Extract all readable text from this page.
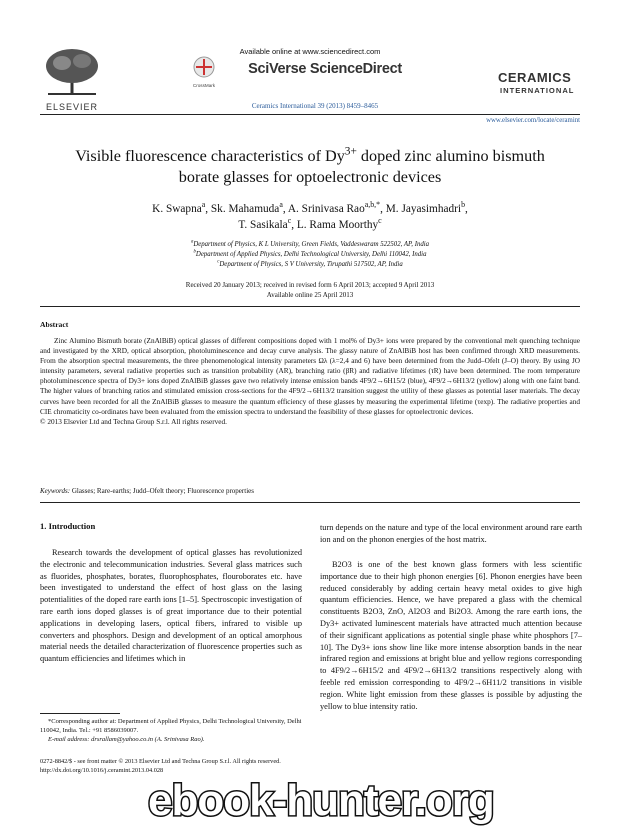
ELSEVIER
Available online at www.sciencedirect.com
CrossMark
SciVerse ScienceDirect
Ceramics International 39 (2013) 8459–8465
CERAMICS
INTERNATIONAL
www.elsevier.com/locate/ceramint
Visible fluorescence characteristics of $Dy^{3+}$ doped zinc alumino bismuth
borate glasses for optoelectronic devices
K. Swapna$^a$, Sk. Mahamuda$^a$, A. Srinivasa Rao$^{a,b,*}$, M. Jayasimhadri$^b$,
T. Sasikala$^c$, L. Rama Moorthy$^c$
$^a$Department of Physics, K L University, Green Fields, Vaddeswaram 522502, AP, India
$^b$Department of Applied Physics, Delhi Technological University, Delhi 110042, India
$^c$Department of Physics, S V University, Tirupathi 517502, AP, India
Received 20 January 2013; received in revised form 6 April 2013; accepted 9 April 2013
Available online 25 April 2013
Abstract
Zinc Alumino Bismuth borate (ZnAlBiB) optical glasses of different compositions doped with 1 mol% of Dy3+ ions were prepared by the conventional melt quenching technique and investigated by the XRD, optical absorption, photoluminescence and decay curve analysis. The glassy nature of ZnAlBiB host has been confirmed through XRD measurements. From the absorption spectral measurements, the three phenomenological intensity parameters Ωλ (λ=2,4 and 6) have been determined from the Judd–Ofelt (J–O) theory. By using JO intensity parameters, several radiative properties such as transition probability (AR), branching ratio (βR) and radiative lifetimes (τR) have been determined. The room temperature photoluminescence spectra of Dy3+ ions doped ZnAlBiB glasses gave two relatively intense emission bands 4F9/2→6H15/2 (blue), 4F9/2→6H13/2 (yellow) along with one faint band. The higher values of branching ratios and stimulated emission cross-sections for the 4F9/2→6H13/2 transition suggest the utility of these glasses as potential laser materials. The decay curves have been recorded for all the ZnAlBiB glasses to measure the quantum efficiency of these glasses by measuring the experimental lifetime (τexp). The radiative properties and CIE chromaticity co-ordinates have been evaluated from the emission spectra to understand the feasibility of these glasses for optoelectronic devices.
© 2013 Elsevier Ltd and Techna Group S.r.l. All rights reserved.
Keywords: Glasses; Rare-earths; Judd–Ofelt theory; Fluorescence properties
1. Introduction
Research towards the development of optical glasses has revolutionized the electronic and telecommunication industries. Several glass matrices such as fluorides, phosphates, borates, fluorophosphates, flouroborates etc. have been investigated to understand the effect of host glass on the lasing potentialities of the doped rare earth ions [1–5]. Spectroscopic investigation of rare earth ions doped glasses is of great importance due to their potential applications in developing lasers, optical fibers, infrared to visible up converters and phosphors. Design and development of an optical amorphous material needs the detailed characterization of fluorescence properties such as quantum efficiencies and lifetimes which in
*Corresponding author at: Department of Applied Physics, Delhi Technological University, Delhi 110042, India. Tel.: +91 8586039007.
E-mail address: drsrallam@yahoo.co.in (A. Srinivasa Rao).
turn depends on the nature and type of the local environment around rare earth ion and on the phonon energies of the host matrix.
B2O3 is one of the best known glass formers with less scientific importance due to their high phonon energies [6]. Phonon energies have been reduced considerably by adding certain heavy metal oxides to give high quantum efficiencies. Hence, we have prepared a glass with the chemical constituents B2O3, ZnO, Al2O3 and Bi2O3. Among the rare earth ions, the Dy3+ activated luminescent materials have attracted much attention because of their significant applications as potential single phase white phosphors [7–10]. The Dy3+ ions show line like more intense absorption bands in the near infrared region and emissions at bright blue and yellow regions corresponding to 4F9/2→6H15/2 and 4F9/2→6H13/2 transitions respectively along with feeble red emission corresponding to 4F9/2→6H11/2 transitions in visible region. White light emission from these glasses is possible by adjusting the yellow to blue intensity ratio.
0272-8842/$ - see front matter © 2013 Elsevier Ltd and Techna Group S.r.l. All rights reserved.
http://dx.doi.org/10.1016/j.ceramint.2013.04.028
ebook-hunter.org
